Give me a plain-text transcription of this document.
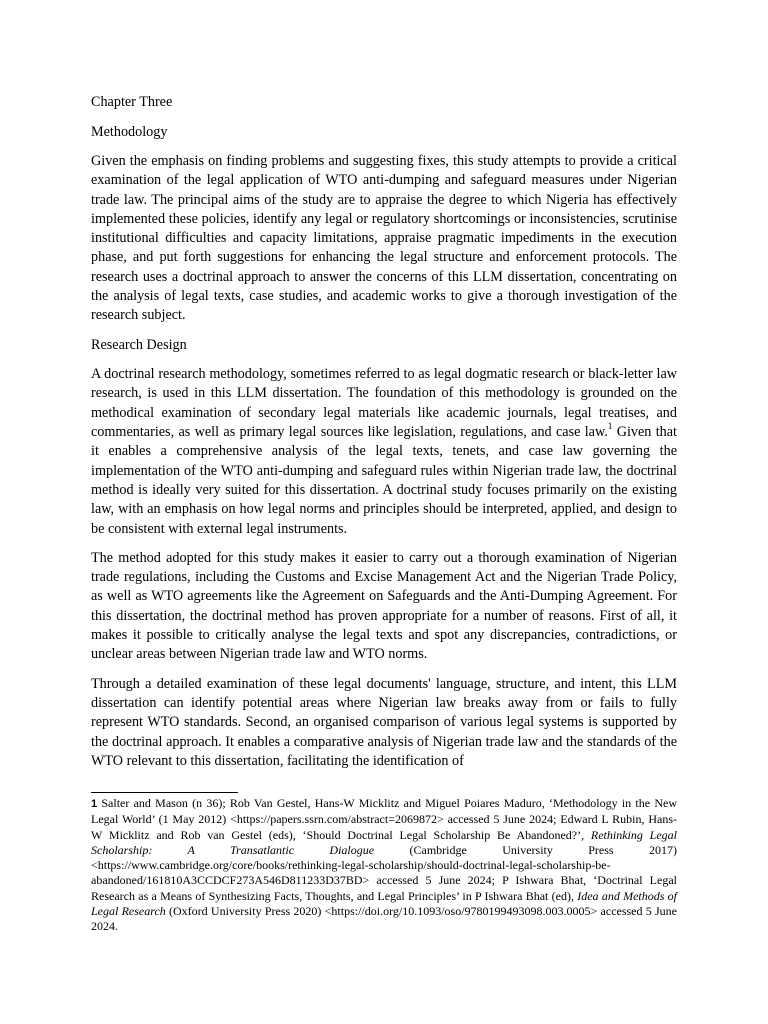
Chapter Three
Methodology

Given the emphasis on finding problems and suggesting fixes, this study attempts to provide a critical examination of the legal application of WTO anti-dumping and safeguard measures under Nigerian trade law. The principal aims of the study are to appraise the degree to which Nigeria has effectively implemented these policies, identify any legal or regulatory shortcomings or inconsistencies, scrutinise institutional difficulties and capacity limitations, appraise pragmatic impediments in the execution phase, and put forth suggestions for enhancing the legal structure and enforcement protocols. The research uses a doctrinal approach to answer the concerns of this LLM dissertation, concentrating on the analysis of legal texts, case studies, and academic works to give a thorough investigation of the research subject.

Research Design

A doctrinal research methodology, sometimes referred to as legal dogmatic research or black-letter law research, is used in this LLM dissertation. The foundation of this methodology is grounded on the methodical examination of secondary legal materials like academic journals, legal treatises, and commentaries, as well as primary legal sources like legislation, regulations, and case law.$^1$ Given that it enables a comprehensive analysis of the legal texts, tenets, and case law governing the implementation of the WTO anti-dumping and safeguard rules within Nigerian trade law, the doctrinal method is ideally very suited for this dissertation. A doctrinal study focuses primarily on the existing law, with an emphasis on how legal norms and principles should be interpreted, applied, and design to be consistent with external legal instruments.

The method adopted for this study makes it easier to carry out a thorough examination of Nigerian trade regulations, including the Customs and Excise Management Act and the Nigerian Trade Policy, as well as WTO agreements like the Agreement on Safeguards and the Anti-Dumping Agreement. For this dissertation, the doctrinal method has proven appropriate for a number of reasons. First of all, it makes it possible to critically analyse the legal texts and spot any discrepancies, contradictions, or unclear areas between Nigerian trade law and WTO norms.

Through a detailed examination of these legal documents' language, structure, and intent, this LLM dissertation can identify potential areas where Nigerian law breaks away from or fails to fully represent WTO standards. Second, an organised comparison of various legal systems is supported by the doctrinal approach. It enables a comparative analysis of Nigerian trade law and the standards of the WTO relevant to this dissertation, facilitating the identification of

1 Salter and Mason (n 36); Rob Van Gestel, Hans-W Micklitz and Miguel Poiares Maduro, ‘Methodology in the New Legal World’ (1 May 2012) <https://papers.ssrn.com/abstract=2069872> accessed 5 June 2024; Edward L Rubin, Hans-W Micklitz and Rob van Gestel (eds), ‘Should Doctrinal Legal Scholarship Be Abandoned?’, Rethinking Legal Scholarship: A Transatlantic Dialogue (Cambridge University Press 2017) <https://www.cambridge.org/core/books/rethinking-legal-scholarship/should-doctrinal-legal-scholarship-be-abandoned/161810A3CCDCF273A546D811233D37BD> accessed 5 June 2024; P Ishwara Bhat, ‘Doctrinal Legal Research as a Means of Synthesizing Facts, Thoughts, and Legal Principles’ in P Ishwara Bhat (ed), Idea and Methods of Legal Research (Oxford University Press 2020) <https://doi.org/10.1093/oso/9780199493098.003.0005> accessed 5 June 2024.
